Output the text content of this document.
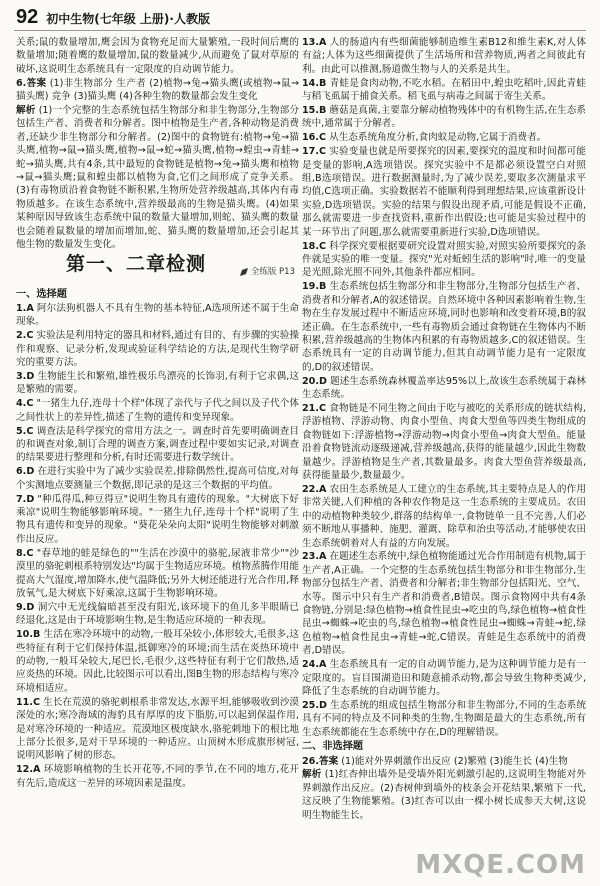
92 初中生物(七年级 上册)·人教版

关系;鼠的数量增加,鹰会因为食物充足而大量繁殖,一段时间后鹰的数量增加;随着鹰的数量增加,鼠的数量减少,从而避免了鼠对草原的破坏,这说明生态系统具有一定限度的自动调节能力。

6.答案 (1)非生物部分 生产者 (2)植物→兔→猫头鹰(或植物→鼠→猫头鹰) 竞争 (3)猫头鹰 (4)各种生物的数量都会发生变化

解析 (1)一个完整的生态系统包括生物部分和非生物部分,生物部分包括生产者、消费者和分解者。图中植物是生产者,各种动物是消费者,还缺少非生物部分和分解者。(2)图中的食物链有:植物→兔→猫头鹰,植物→鼠→猫头鹰,植物→鼠→蛇→猫头鹰,植物→蝗虫→青蛙→蛇→猫头鹰,共有4条,其中最短的食物链是植物→兔→猫头鹰和植物→鼠→猫头鹰;鼠和蝗虫都以植物为食,它们之间形成了竞争关系。(3)有毒物质沿着食物链不断积累,生物所处营养级越高,其体内有毒物质越多。在该生态系统中,营养级最高的生物是猫头鹰。(4)如果某种原因导致该生态系统中鼠的数量大量增加,则蛇、猫头鹰的数量也会随着鼠数量的增加而增加,蛇、猫头鹰的数量增加,还会引起其他生物的数量发生变化。

第一、二章检测	全练版 P13
一、选择题

1.A 阿尔法狗机器人不具有生物的基本特征,A选项所述不属于生命现象。

2.C 实验法是利用特定的器具和材料,通过有目的、有步骤的实验操作和观察、记录分析,发现或验证科学结论的方法,是现代生物学研究的重要方法。

3.D 生物能生长和繁殖,雄性极乐鸟漂亮的长饰羽,有利于它求偶,这是繁殖的需要。

4.C "一猪生九仔,连母十个样"体现了亲代与子代之间以及子代个体之间性状上的差异性,描述了生物的遗传和变异现象。

5.C 调查法是科学探究的常用方法之一。调查时首先要明确调查目的和调查对象,制订合理的调查方案,调查过程中要如实记录,对调查的结果要进行整理和分析,有时还需要进行数学统计。

6.D 在进行实验中为了减少实验误差,排除偶然性,提高可信度,对每个实测地点要测量三个数据,即记录的是这三个数据的平均值。

7.D "种瓜得瓜,种豆得豆"说明生物具有遗传的现象。"大树底下好乘凉"说明生物能够影响环境。"一猪生九仔,连母十个样"说明了生物具有遗传和变异的现象。"葵花朵朵向太阳"说明生物能够对刺激作出反应。

8.C "春草地的蛙是绿色的""生活在沙漠中的骆驼,尿液非常少""沙漠里的骆驼刺根系特别发达"均属于生物适应环境。植物蒸腾作用能提高大气湿度,增加降水,使气温降低;另外大树还能进行光合作用,释放氧气,是大树底下好乘凉,这属于生物影响环境。

9.D 洞穴中无光线偏暗甚至没有阳光,该环境下的鱼儿多半眼睛已经退化,这是由于环境影响生物,是生物适应环境的一种表现。

10.B 生活在寒冷环境中的动物,一般耳朵较小,体形较大,毛很多,这些特征有利于它们保持体温,抵御寒冷的环境;而生活在炎热环境中的动物,一般耳朵较大,尾巴长,毛很少,这些特征有利于它们散热,适应炎热的环境。因此,比较图示可以看出,图B生物的形态结构与寒冷环境相适应。

11.C 生长在荒漠的骆驼刺根系非常发达,水源平坦,能够吸收到沙漠深处的水;寒冷海域的海豹具有厚厚的皮下脂肪,可以起到保温作用,是对寒冷环境的一种适应。荒漠地区极度缺水,骆驼刺地下的根比地上部分长很多,是对干旱环境的一种适应。山顶树木形成旗形树冠,说明风影响了树的形态。

12.A 环境影响植物的生长开花等,不同的季节,在不同的地方,花开有先后,造成这一差异的环境因素是温度。

13.A 人的肠道内有些细菌能够制造维生素B12和维生素K,对人体有益;人体为这些细菌提供了生活场所和营养物质,两者之间彼此有利。由此可以推测,肠道微生物与人的关系是共生。

14.B 青蛙是食肉动物,不吃水稻。在稻田中,蝗虫吃稻叶,因此青蛙与稻飞虱属于捕食关系。稻飞虱与病毒之间属于寄生关系。

15.B 蘑菇是真菌,主要靠分解动植物残体中的有机物生活,在生态系统中,通常属于分解者。

16.C 从生态系统角度分析,食肉蚁是动物,它属于消费者。

17.C 实验变量也就是所要探究的因素,要探究的温度和时间都可能是变量的影响,A选项错误。探究实验中不是都必须设置空白对照组,B选项错误。进行数据测量时,为了减少误差,要取多次测量求平均值,C选项正确。实验数据若不能顺利得到理想结果,应该重新设计实验,D选项错误。实验的结果与假设出现矛盾,可能是假设不正确,那么就需要进一步查找资料,重新作出假设;也可能是实验过程中的某一环节出了问题,那么就需要重新进行实验,D选项错误。

18.C 科学探究要根据要研究设置对照实验,对照实验所要探究的条件就是实验的唯一变量。探究"光对蚯蚓生活的影响"时,唯一的变量是光照,除光照不同外,其他条件都应相同。

19.B 生态系统包括生物部分和非生物部分,生物部分包括生产者、消费者和分解者,A的叙述错误。自然环境中各种因素影响着生物,生物在生存发展过程中不断适应环境,同时也影响和改变着环境,B的叙述正确。在生态系统中,一些有毒物质会通过食物链在生物体内不断积累,营养级越高的生物体内积累的有毒物质越多,C的叙述错误。生态系统具有一定的自动调节能力,但其自动调节能力是有一定限度的,D的叙述错误。

20.D 题述生态系统森林覆盖率达95%以上,故该生态系统属于森林生态系统。

21.C 食物链是不同生物之间由于吃与被吃的关系形成的链状结构,浮游植物、浮游动物、肉食小型鱼、肉食大型鱼等四类生物组成的食物链如下:浮游植物→浮游动物→肉食小型鱼→肉食大型鱼。能量沿着食物链流动逐级递减,营养级越高,获得的能量越少,因此生物数量越少。浮游植物是生产者,其数量最多。肉食大型鱼营养级最高,获得能量最少,数量最少。

22.A 农田生态系统是人工建立的生态系统,其主要特点是人的作用非常关键,人们种植的各种农作物是这一生态系统的主要成员。农田中的动植物种类较少,群落的结构单一,食物链单一且不完善,人们必须不断地从事播种、施肥、灌溉、除草和治虫等活动,才能够使农田生态系统朝着对人有益的方向发展。

23.A 在题述生态系统中,绿色植物能通过光合作用制造有机物,属于生产者,A正确。一个完整的生态系统包括生物部分和非生物部分,生物部分包括生产者、消费者和分解者;非生物部分包括阳光、空气、水等。图示中只有生产者和消费者,B错误。图示食物网中共有4条食物链,分别是:绿色植物→植食性昆虫→吃虫的鸟,绿色植物→植食性昆虫→蜘蛛→吃虫的鸟,绿色植物→植食性昆虫→蜘蛛→青蛙→蛇,绿色植物→植食性昆虫→青蛙→蛇,C错误。青蛙是生态系统中的消费者,D错误。

24.A 生态系统具有一定的自动调节能力,是为这种调节能力是有一定限度的。盲目围湖造田和随意捕杀动物,都会导致生物种类减少,降低了生态系统的自动调节能力。

25.D 生态系统的组成包括生物部分和非生物部分,不同的生态系统具有不同的特点及不同种类的生物,生物圈是最大的生态系统,所有生态系统都能在生态系统中存在,D的理解错误。

二、非选择题

26.答案 (1)能对外界刺激作出反应 (2)繁殖 (3)能生长 (4)生物

解析 (1)红杏伸出墙外是受墙外阳光刺激引起的,这说明生物能对外界刺激作出反应。(2)杏树伸到墙外的枝条会开花结果,繁殖下一代,这反映了生物能繁殖。(3)红杏可以由一棵小树长成参天大树,这说明生物能生长。

MXQE.COM
